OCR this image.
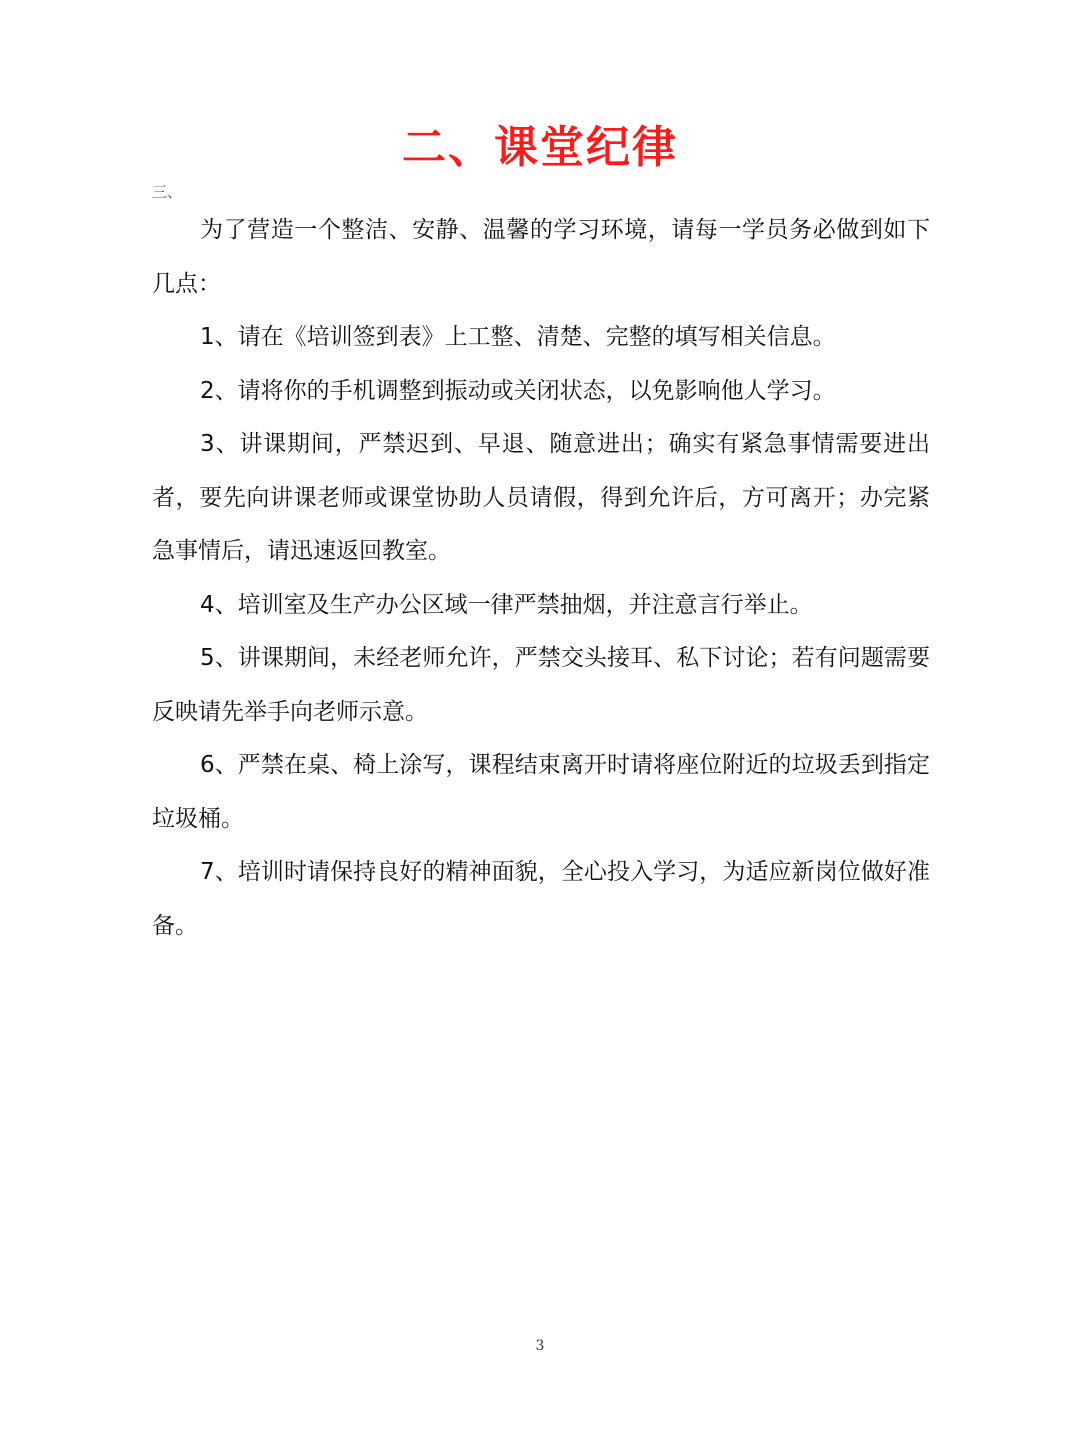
二、课堂纪律
三、

为了营造一个整洁、安静、温馨的学习环境，请每一学员务必做到如下几点：

1、请在《培训签到表》上工整、清楚、完整的填写相关信息。

2、请将你的手机调整到振动或关闭状态，以免影响他人学习。

3、讲课期间，严禁迟到、早退、随意进出；确实有紧急事情需要进出者，要先向讲课老师或课堂协助人员请假，得到允许后，方可离开；办完紧急事情后，请迅速返回教室。

4、培训室及生产办公区域一律严禁抽烟，并注意言行举止。

5、讲课期间，未经老师允许，严禁交头接耳、私下讨论；若有问题需要反映请先举手向老师示意。

6、严禁在桌、椅上涂写，课程结束离开时请将座位附近的垃圾丢到指定垃圾桶。

7、培训时请保持良好的精神面貌，全心投入学习，为适应新岗位做好准备。

3
